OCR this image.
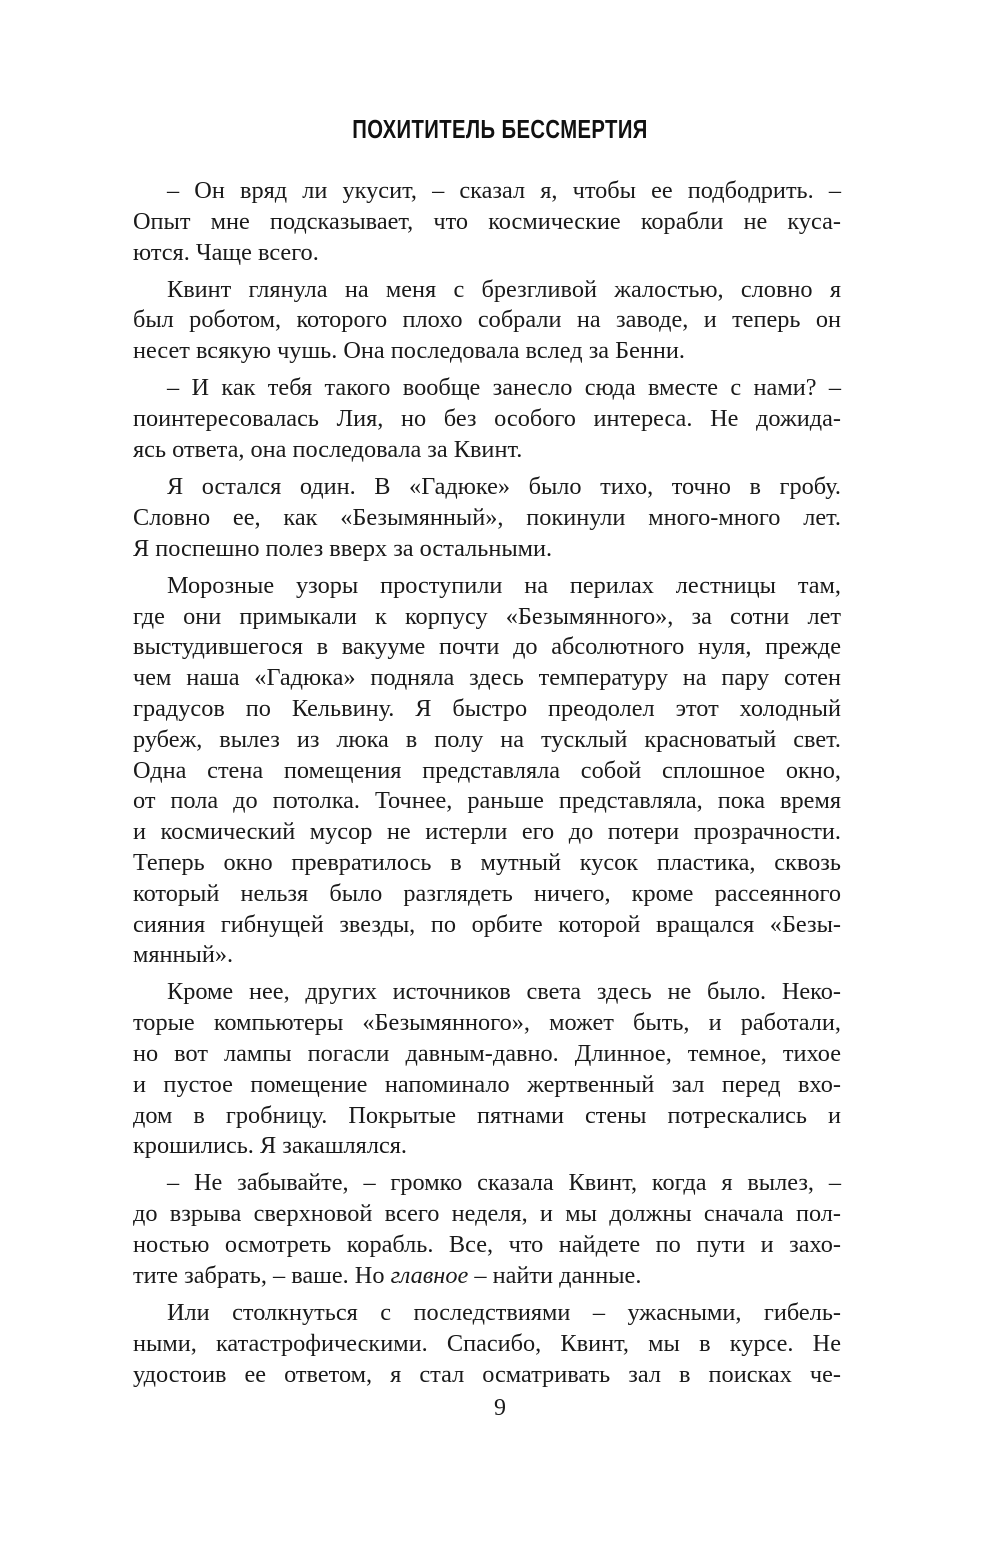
ПОХИТИТЕЛЬ БЕССМЕРТИЯ

– Он вряд ли укусит, – сказал я, чтобы ее подбодрить. –
Опыт мне подсказывает, что космические корабли не куса-
ются. Чаще всего.

Квинт глянула на меня с брезгливой жалостью, словно я
был роботом, которого плохо собрали на заводе, и теперь он
несет всякую чушь. Она последовала вслед за Бенни.

– И как тебя такого вообще занесло сюда вместе с нами? –
поинтересовалась Лия, но без особого интереса. Не дожида-
ясь ответа, она последовала за Квинт.

Я остался один. В «Гадюке» было тихо, точно в гробу.
Словно ее, как «Безымянный», покинули много-много лет.
Я поспешно полез вверх за остальными.

Морозные узоры проступили на перилах лестницы там,
где они примыкали к корпусу «Безымянного», за сотни лет
выстудившегося в вакууме почти до абсолютного нуля, прежде
чем наша «Гадюка» подняла здесь температуру на пару сотен
градусов по Кельвину. Я быстро преодолел этот холодный
рубеж, вылез из люка в полу на тусклый красноватый свет.
Одна стена помещения представляла собой сплошное окно,
от пола до потолка. Точнее, раньше представляла, пока время
и космический мусор не истерли его до потери прозрачности.
Теперь окно превратилось в мутный кусок пластика, сквозь
который нельзя было разглядеть ничего, кроме рассеянного
сияния гибнущей звезды, по орбите которой вращался «Безы-
мянный».

Кроме нее, других источников света здесь не было. Неко-
торые компьютеры «Безымянного», может быть, и работали,
но вот лампы погасли давным-давно. Длинное, темное, тихое
и пустое помещение напоминало жертвенный зал перед вхо-
дом в гробницу. Покрытые пятнами стены потрескались и
крошились. Я закашлялся.

– Не забывайте, – громко сказала Квинт, когда я вылез, –
до взрыва сверхновой всего неделя, и мы должны сначала пол-
ностью осмотреть корабль. Все, что найдете по пути и захо-
тите забрать, – ваше. Но главное – найти данные.

Или столкнуться с последствиями – ужасными, гибель-
ными, катастрофическими. Спасибо, Квинт, мы в курсе. Не
удостоив ее ответом, я стал осматривать зал в поисках че-

9
